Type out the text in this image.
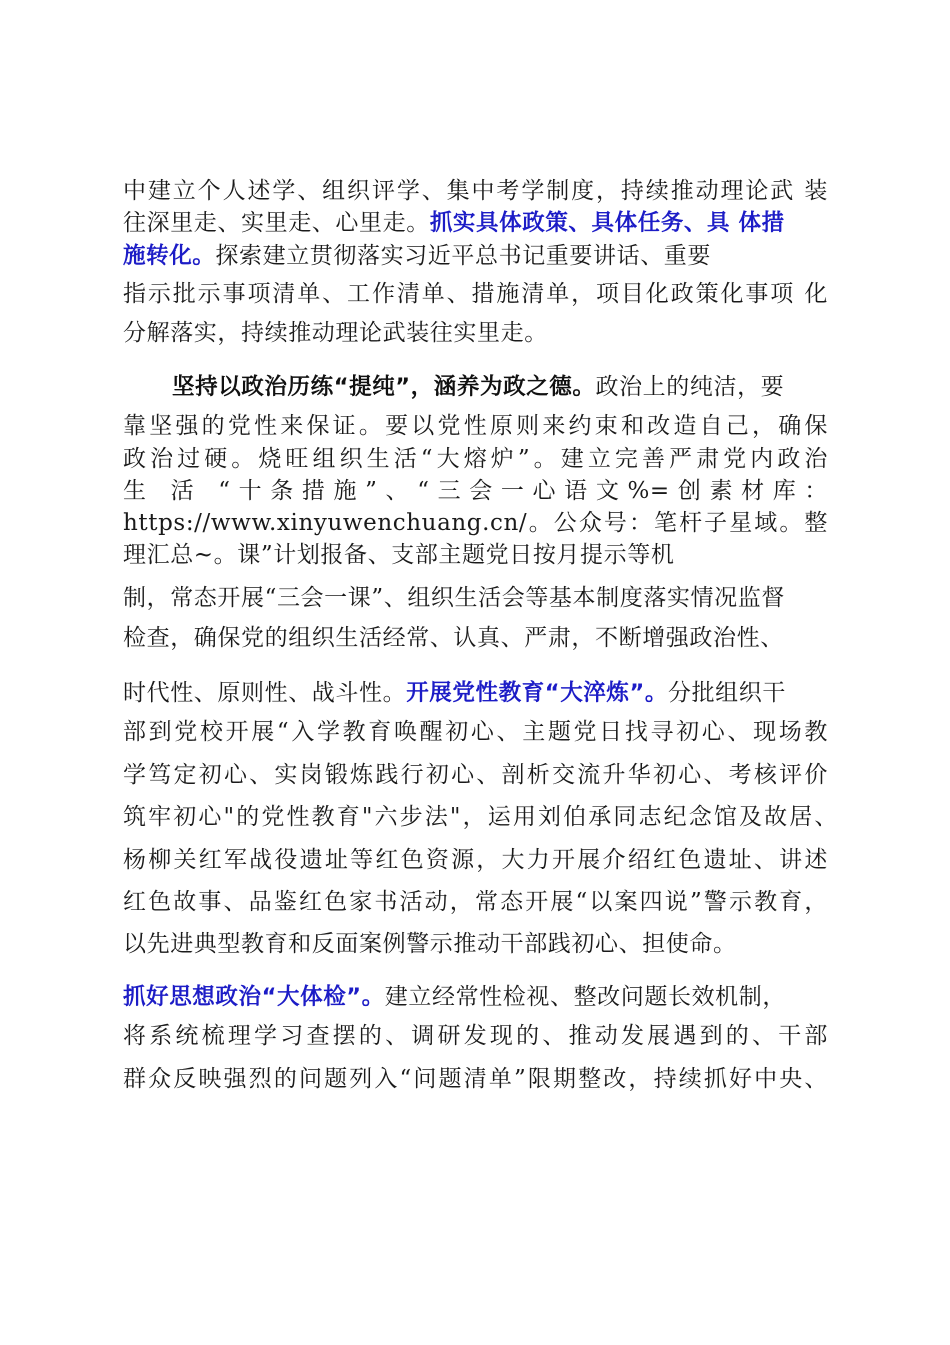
中建立个人述学、组织评学、集中考学制度，持续推动理论武 装
往深里走、实里走、心里走。抓实具体政策、具体任务、具 体措
施转化。探索建立贯彻落实习近平总书记重要讲话、重要
指示批示事项清单、工作清单、措施清单，项目化政策化事项 化
分解落实，持续推动理论武装往实里走。
坚持以政治历练“提纯”，涵养为政之德。政治上的纯洁，要
靠坚强的党性来保证。要以党性原则来约束和改造自己，确保
政治过硬。烧旺组织生活“大熔炉”。建立完善严肃党内政治
生 活 “十条措施”、“三会一心语文%=创素材库：
https://www.xinyuwenchuang.cn/。公众号：笔杆子星域。整
理汇总~。课”计划报备、支部主题党日按月提示等机
制，常态开展“三会一课”、组织生活会等基本制度落实情况监督
检查，确保党的组织生活经常、认真、严肃，不断增强政治性、
时代性、原则性、战斗性。开展党性教育“大淬炼”。分批组织干
部到党校开展“入学教育唤醒初心、主题党日找寻初心、现场教
学笃定初心、实岗锻炼践行初心、剖析交流升华初心、考核评价
筑牢初心"的党性教育"六步法"，运用刘伯承同志纪念馆及故居、
杨柳关红军战役遗址等红色资源，大力开展介绍红色遗址、讲述
红色故事、品鉴红色家书活动，常态开展“以案四说”警示教育，
以先进典型教育和反面案例警示推动干部践初心、担使命。
抓好思想政治“大体检”。建立经常性检视、整改问题长效机制，
将系统梳理学习查摆的、调研发现的、推动发展遇到的、干部
群众反映强烈的问题列入“问题清单”限期整改，持续抓好中央、
